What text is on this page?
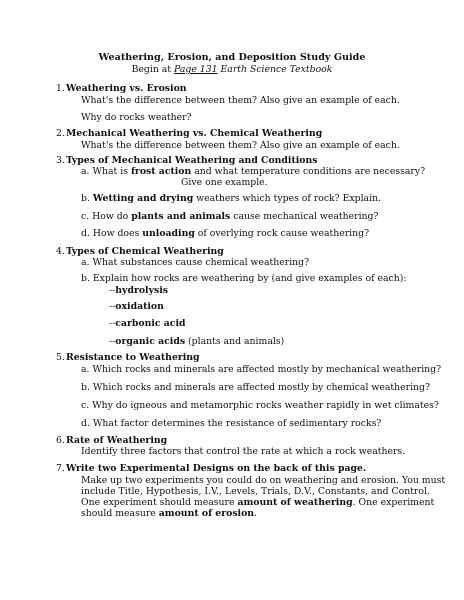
Weathering, Erosion, and Deposition Study Guide
Begin at Page 131 Earth Science Textbook
1. Weathering vs. Erosion
What's the difference between them? Also give an example of each.
Why do rocks weather?
2. Mechanical Weathering vs. Chemical Weathering
What's the difference between them? Also give an example of each.
3. Types of Mechanical Weathering and Conditions
a. What is frost action and what temperature conditions are necessary?
Give one example.
b. Wetting and drying weathers which types of rock? Explain.
c. How do plants and animals cause mechanical weathering?
d. How does unloading of overlying rock cause weathering?
4. Types of Chemical Weathering
a. What substances cause chemical weathering?
b. Explain how rocks are weathering by (and give examples of each):
--hydrolysis
--oxidation
--carbonic acid
--organic acids (plants and animals)
5. Resistance to Weathering
a. Which rocks and minerals are affected mostly by mechanical weathering?
b. Which rocks and minerals are affected mostly by chemical weathering?
c. Why do igneous and metamorphic rocks weather rapidly in wet climates?
d. What factor determines the resistance of sedimentary rocks?
6. Rate of Weathering
Identify three factors that control the rate at which a rock weathers.
7. Write two Experimental Designs on the back of this page.
Make up two experiments you could do on weathering and erosion. You must
include Title, Hypothesis, I.V., Levels, Trials, D.V., Constants, and Control.
One experiment should measure amount of weathering. One experiment
should measure amount of erosion.
